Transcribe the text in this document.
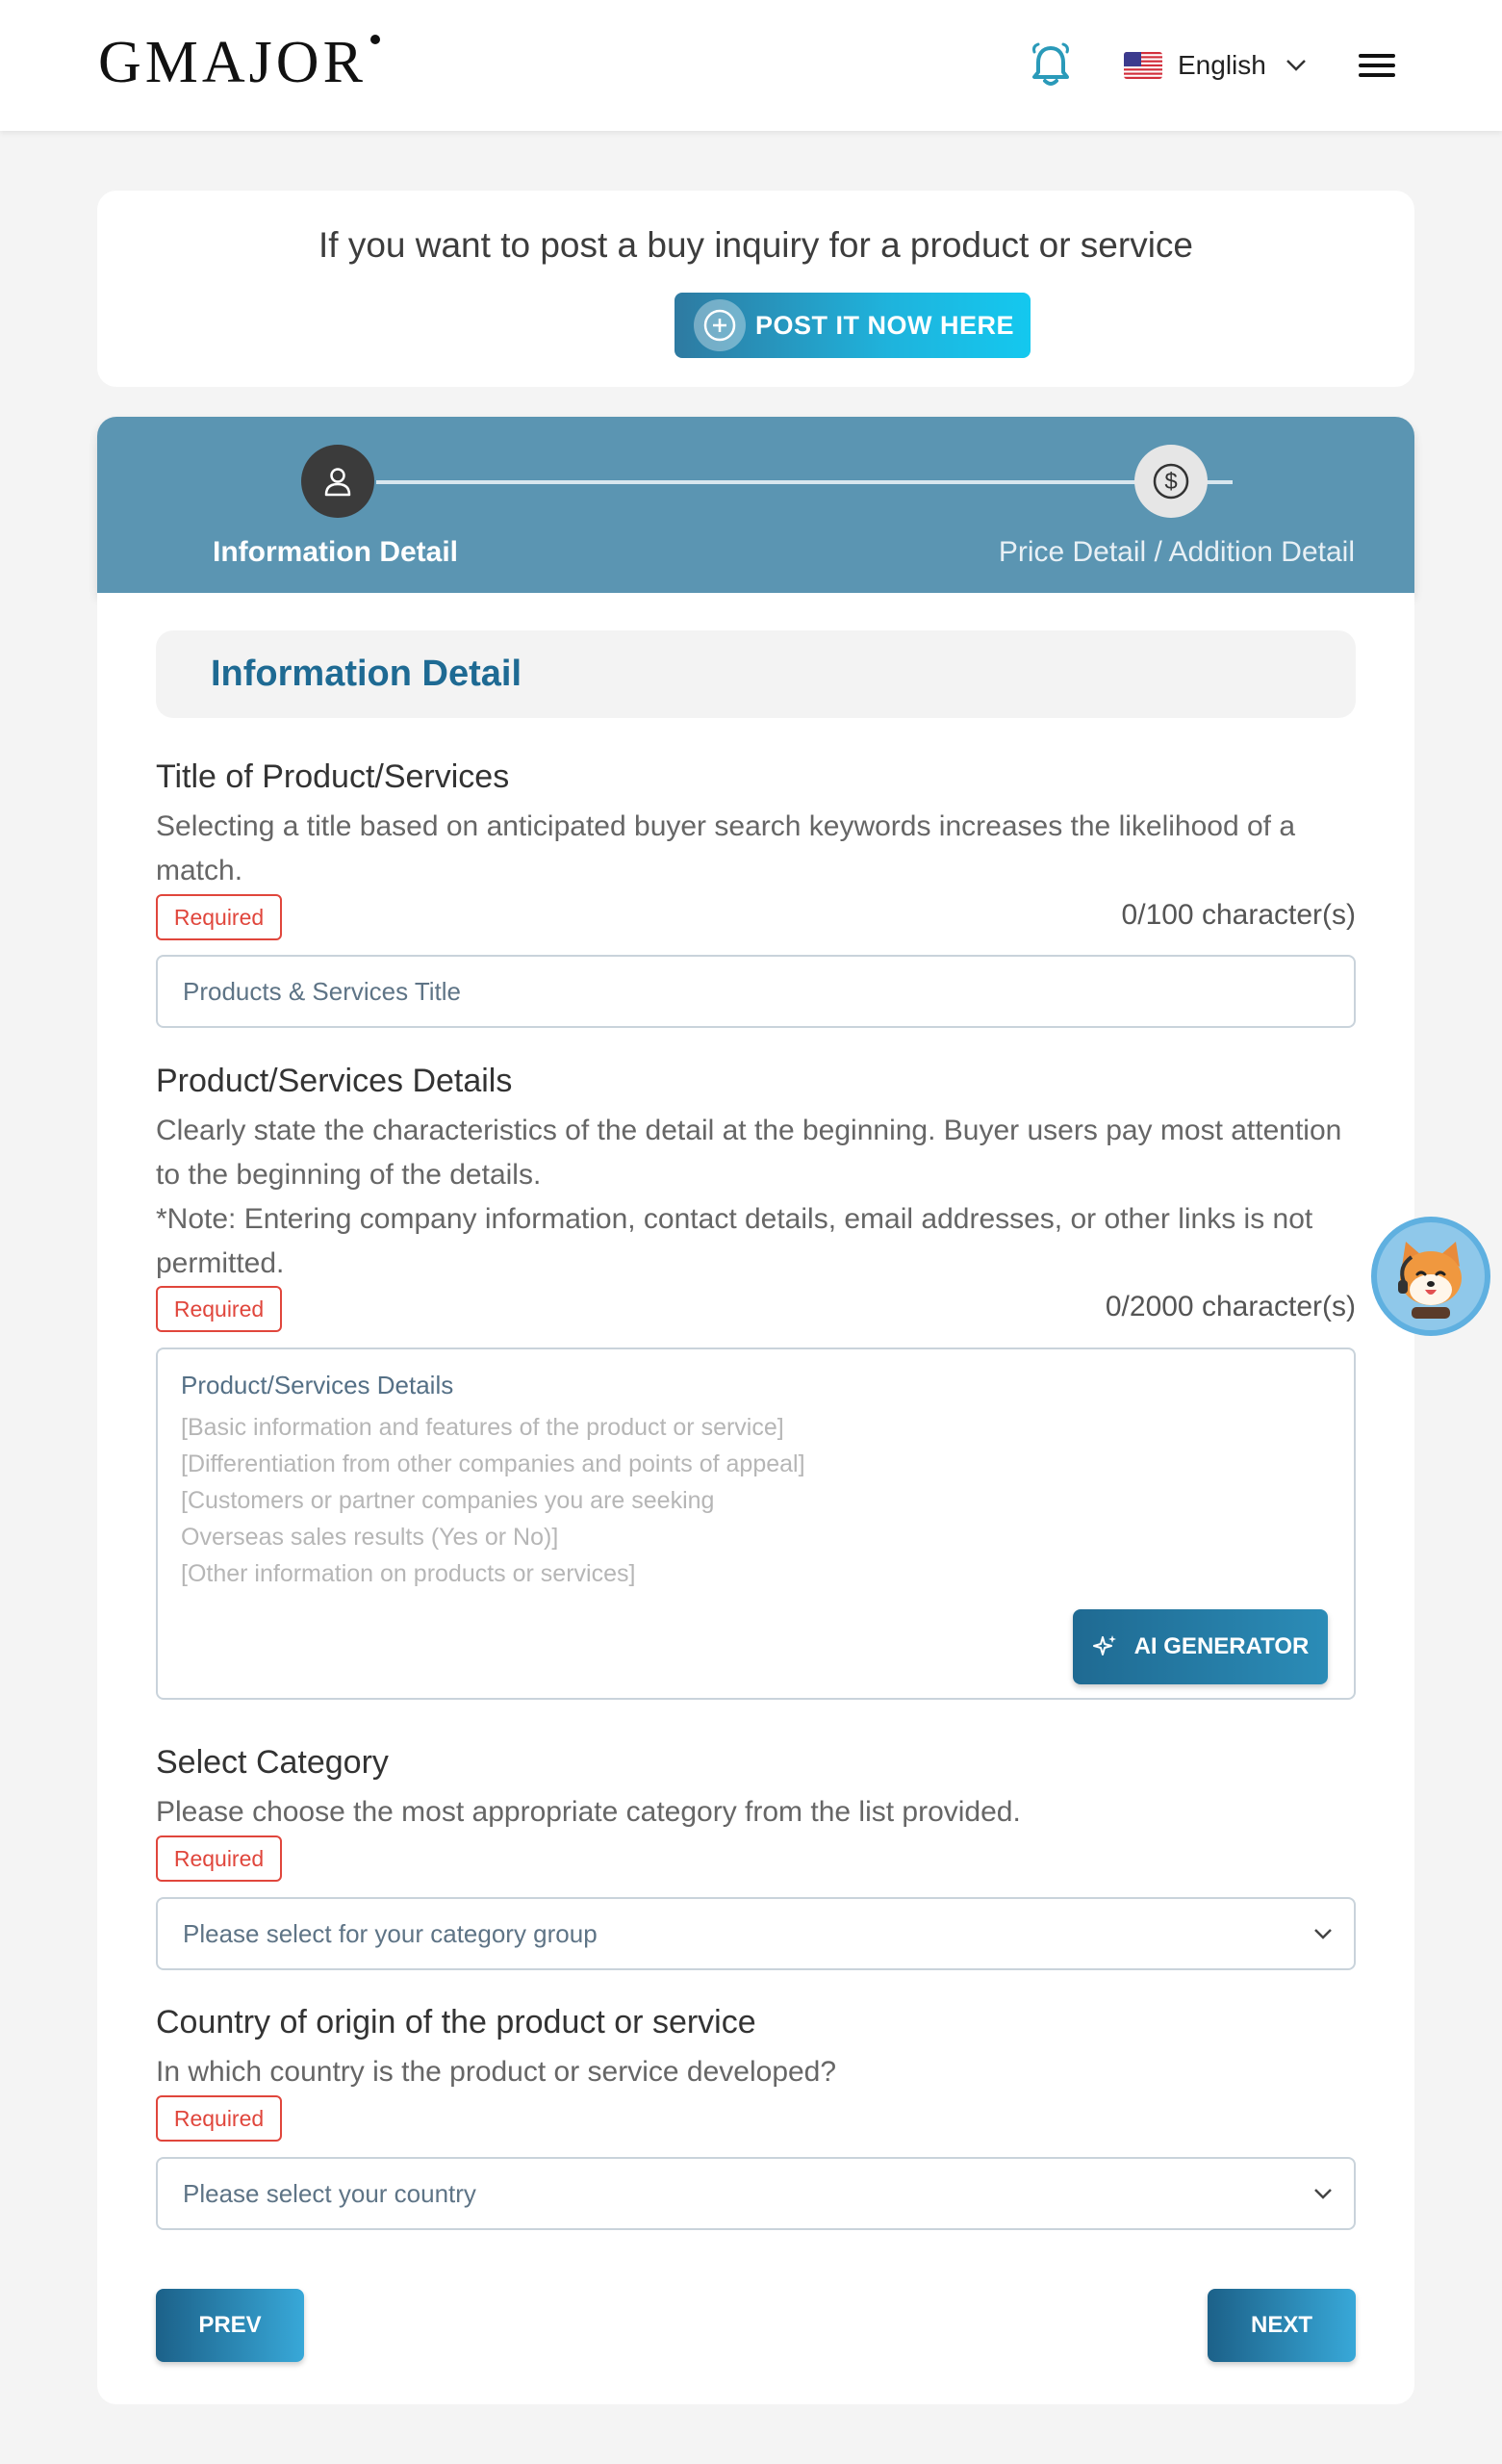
GMAJOR	English
If you want to post a buy inquiry for a product or service
POST IT NOW HERE
$
Information Detail	Price Detail / Addition Detail
Information Detail
Title of Product/Services
Selecting a title based on anticipated buyer search keywords increases the likelihood of a match.
Required	0/100 character(s)
Products & Services Title
Product/Services Details
Clearly state the characteristics of the detail at the beginning. Buyer users pay most attention to the beginning of the details.
*Note: Entering company information, contact details, email addresses, or other links is not permitted.
Required	0/2000 character(s)
Product/Services Details
[Basic information and features of the product or service]
[Differentiation from other companies and points of appeal]
[Customers or partner companies you are seeking
Overseas sales results (Yes or No)]
[Other information on products or services]
AI GENERATOR
Select Category
Please choose the most appropriate category from the list provided.
Required
Please select for your category group
Country of origin of the product or service
In which country is the product or service developed?
Required
Please select your country
PREV	NEXT
